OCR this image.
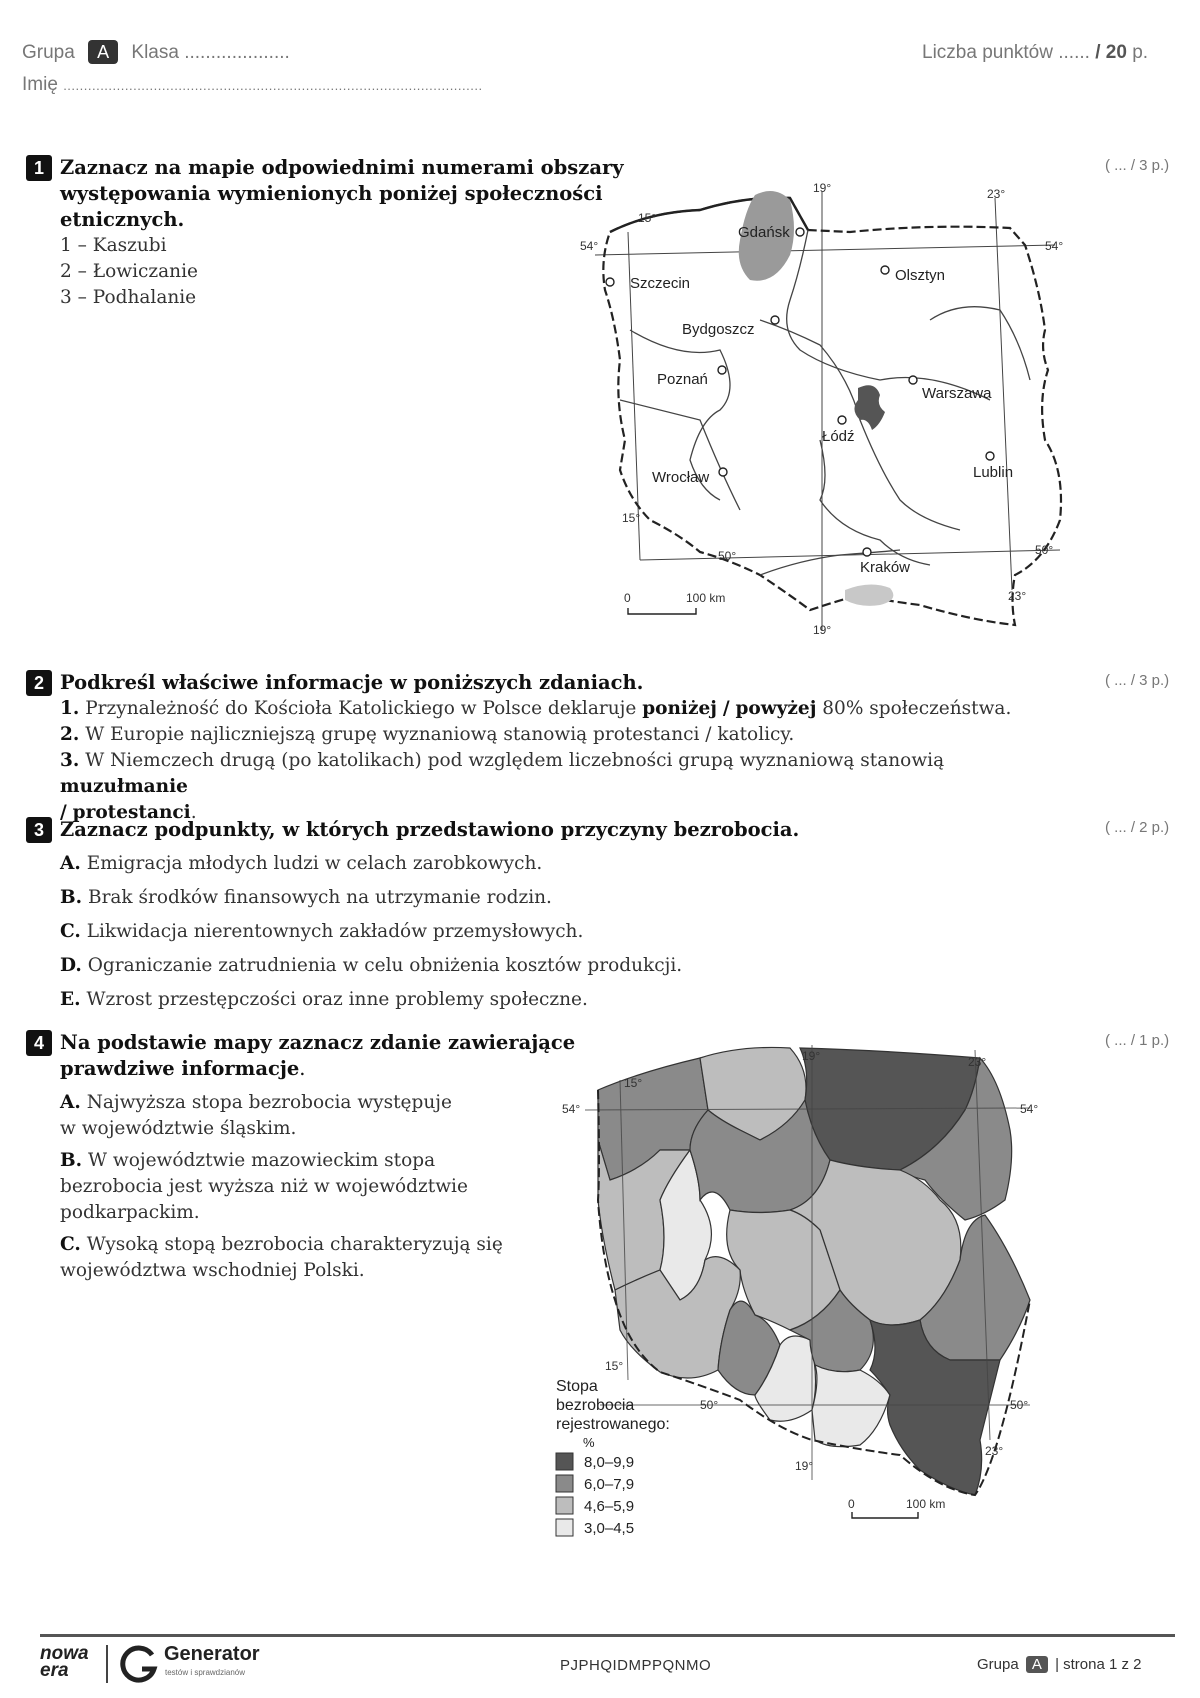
Grupa A Klasa ....................	Liczba punktów ...... / 20 p.
Imię ......................................................................................................
1 Zaznacz na mapie odpowiednimi numerami obszary
występowania wymienionych poniżej społeczności
etnicznych.
1 – Kaszubi
2 – Łowiczanie
3 – Podhalanie
( ... / 3 p.)
Gdańsk
Olsztyn
Szczecin
Bydgoszcz
Poznań
Warszawa
Łódź
Lublin
Wrocław
Kraków
19°	23°
15°
54°	54°
15°
50°	50°
23°
19°
0	100 km
2 Podkreśl właściwe informacje w poniższych zdaniach.	( ... / 3 p.)
1. Przynależność do Kościoła Katolickiego w Polsce deklaruje poniżej / powyżej 80% społeczeństwa.
2. W Europie najliczniejszą grupę wyznaniową stanowią protestanci / katolicy.
3. W Niemczech drugą (po katolikach) pod względem liczebności grupą wyznaniową stanowią muzułmanie
/ protestanci.
3 Zaznacz podpunkty, w których przedstawiono przyczyny bezrobocia.	( ... / 2 p.)
A. Emigracja młodych ludzi w celach zarobkowych.
B. Brak środków finansowych na utrzymanie rodzin.
C. Likwidacja nierentownych zakładów przemysłowych.
D. Ograniczanie zatrudnienia w celu obniżenia kosztów produkcji.
E. Wzrost przestępczości oraz inne problemy społeczne.
4 Na podstawie mapy zaznacz zdanie zawierające
prawdziwe informacje.
( ... / 1 p.)
A. Najwyższa stopa bezrobocia występuje
w województwie śląskim.
B. W województwie mazowieckim stopa
bezrobocia jest wyższa niż w województwie
podkarpackim.
C. Wysoką stopą bezrobocia charakteryzują się
województwa wschodniej Polski.
19°	23°
15°
54°	54°
15°
50°	50°
23°
19°
Stopa
bezrobocia
rejestrowanego:
%
8,0–9,9
6,0–7,9
4,6–5,9
3,0–4,5
0	100 km
nowa
era
Generator
testów i sprawdzianów	PJPHQIDMPPQNMO	Grupa A | strona 1 z 2
